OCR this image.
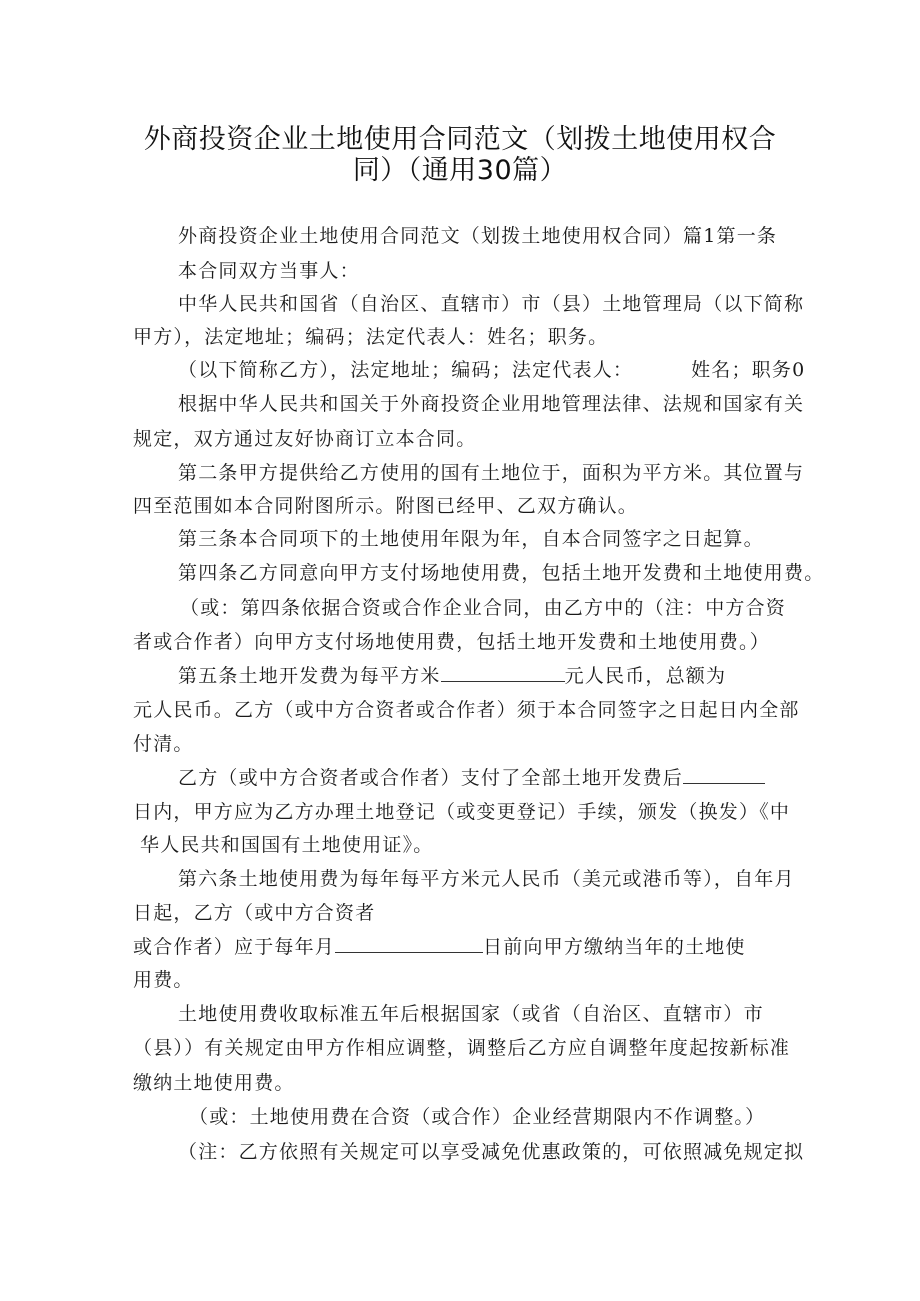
外商投资企业土地使用合同范文（划拨土地使用权合
同）（通用30篇）
外商投资企业土地使用合同范文（划拨土地使用权合同）篇1第一条
本合同双方当事人：
中华人民共和国省（自治区、直辖市）市（县）土地管理局（以下简称
甲方），法定地址；编码；法定代表人：姓名；职务。
（以下简称乙方），法定地址；编码；法定代表人：	姓名；职务0
根据中华人民共和国关于外商投资企业用地管理法律、法规和国家有关
规定，双方通过友好协商订立本合同。
第二条甲方提供给乙方使用的国有土地位于，面积为平方米。其位置与
四至范围如本合同附图所示。附图已经甲、乙双方确认。
第三条本合同项下的土地使用年限为年，自本合同签字之日起算。
第四条乙方同意向甲方支付场地使用费，包括土地开发费和土地使用费。
（或：第四条依据合资或合作企业合同，由乙方中的（注：中方合资
者或合作者）向甲方支付场地使用费，包括土地开发费和土地使用费。）
第五条土地开发费为每平方米	元人民币，总额为
元人民币。乙方（或中方合资者或合作者）须于本合同签字之日起日内全部
付清。
乙方（或中方合资者或合作者）支付了全部土地开发费后
日内，甲方应为乙方办理土地登记（或变更登记）手续，颁发（换发）《中
华人民共和国国有土地使用证》。
第六条土地使用费为每年每平方米元人民币（美元或港币等），自年月
日起，乙方（或中方合资者
或合作者）应于每年月	日前向甲方缴纳当年的土地使
用费。
土地使用费收取标准五年后根据国家（或省（自治区、直辖市）市
（县））有关规定由甲方作相应调整，调整后乙方应自调整年度起按新标准
缴纳土地使用费。
（或：土地使用费在合资（或合作）企业经营期限内不作调整。）
（注：乙方依照有关规定可以享受减免优惠政策的，可依照减免规定拟
